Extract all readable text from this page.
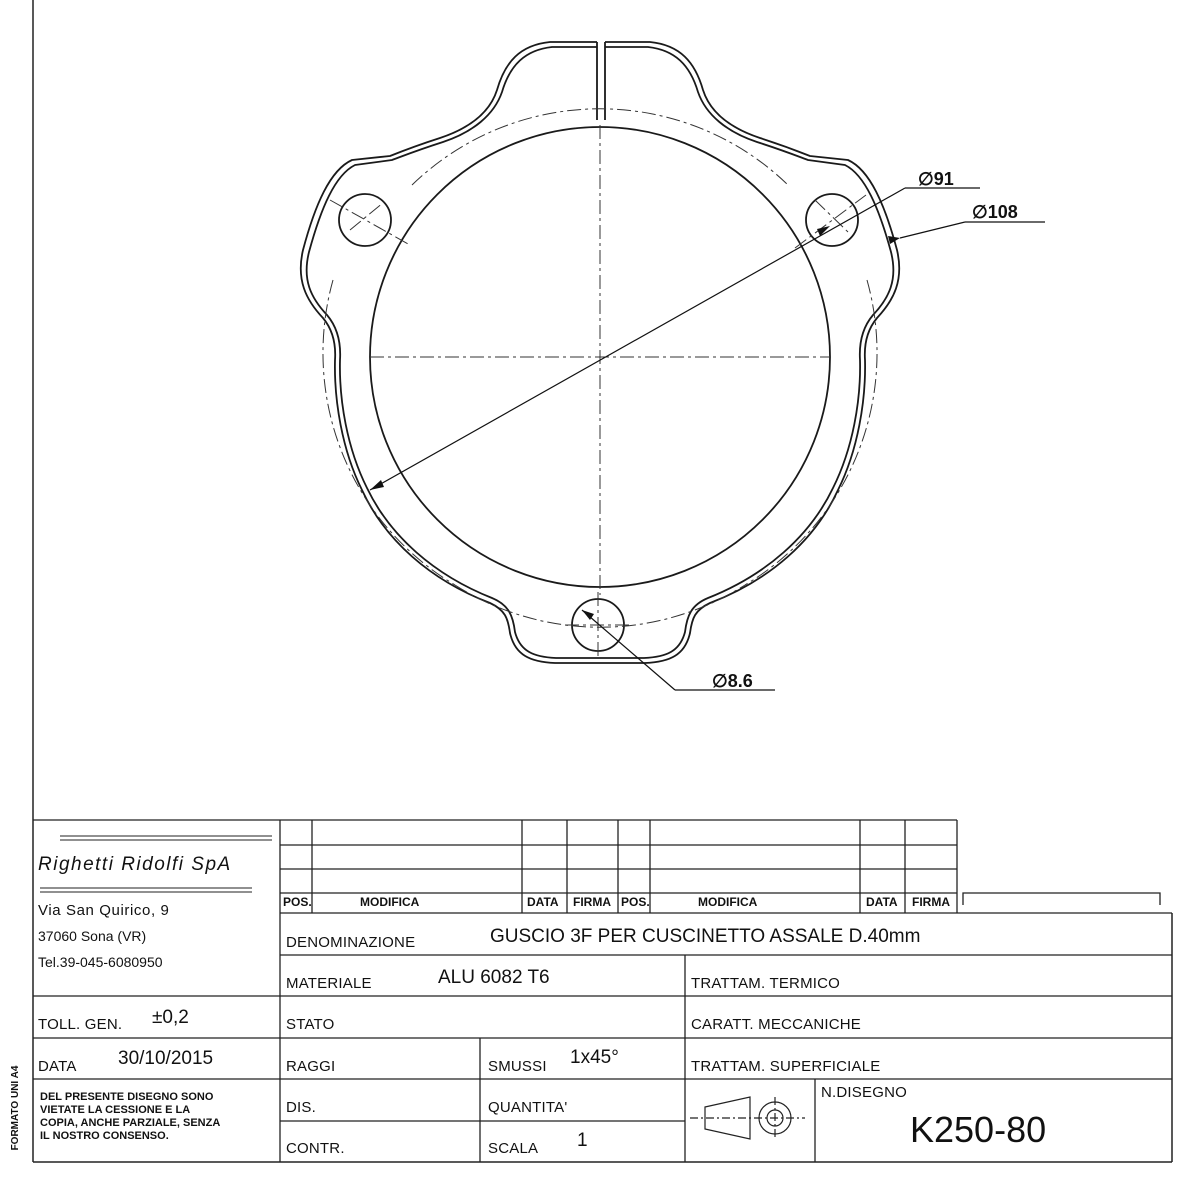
∅91
∅108
∅8.6
Righetti Ridolfi SpA
Via San Quirico, 9
37060 Sona (VR)
Tel.39-045-6080950
POS.	MODIFICA	DATA FIRMA POS.	MODIFICA	DATA FIRMA
DENOMINAZIONE	GUSCIO 3F PER CUSCINETTO ASSALE D.40mm
MATERIALE	ALU 6082 T6	TRATTAM. TERMICO
TOLL. GEN. ±0,2	STATO	CARATT. MECCANICHE
DATA 30/10/2015	RAGGI	SMUSSI 1x45°	TRATTAM. SUPERFICIALE
DEL PRESENTE DISEGNO SONO
VIETATE LA CESSIONE E LA
COPIA, ANCHE PARZIALE, SENZA
IL NOSTRO CONSENSO.
DIS.	QUANTITA'
N.DISEGNO
K250-80
CONTR.	SCALA 1
FORMATO UNI A4
